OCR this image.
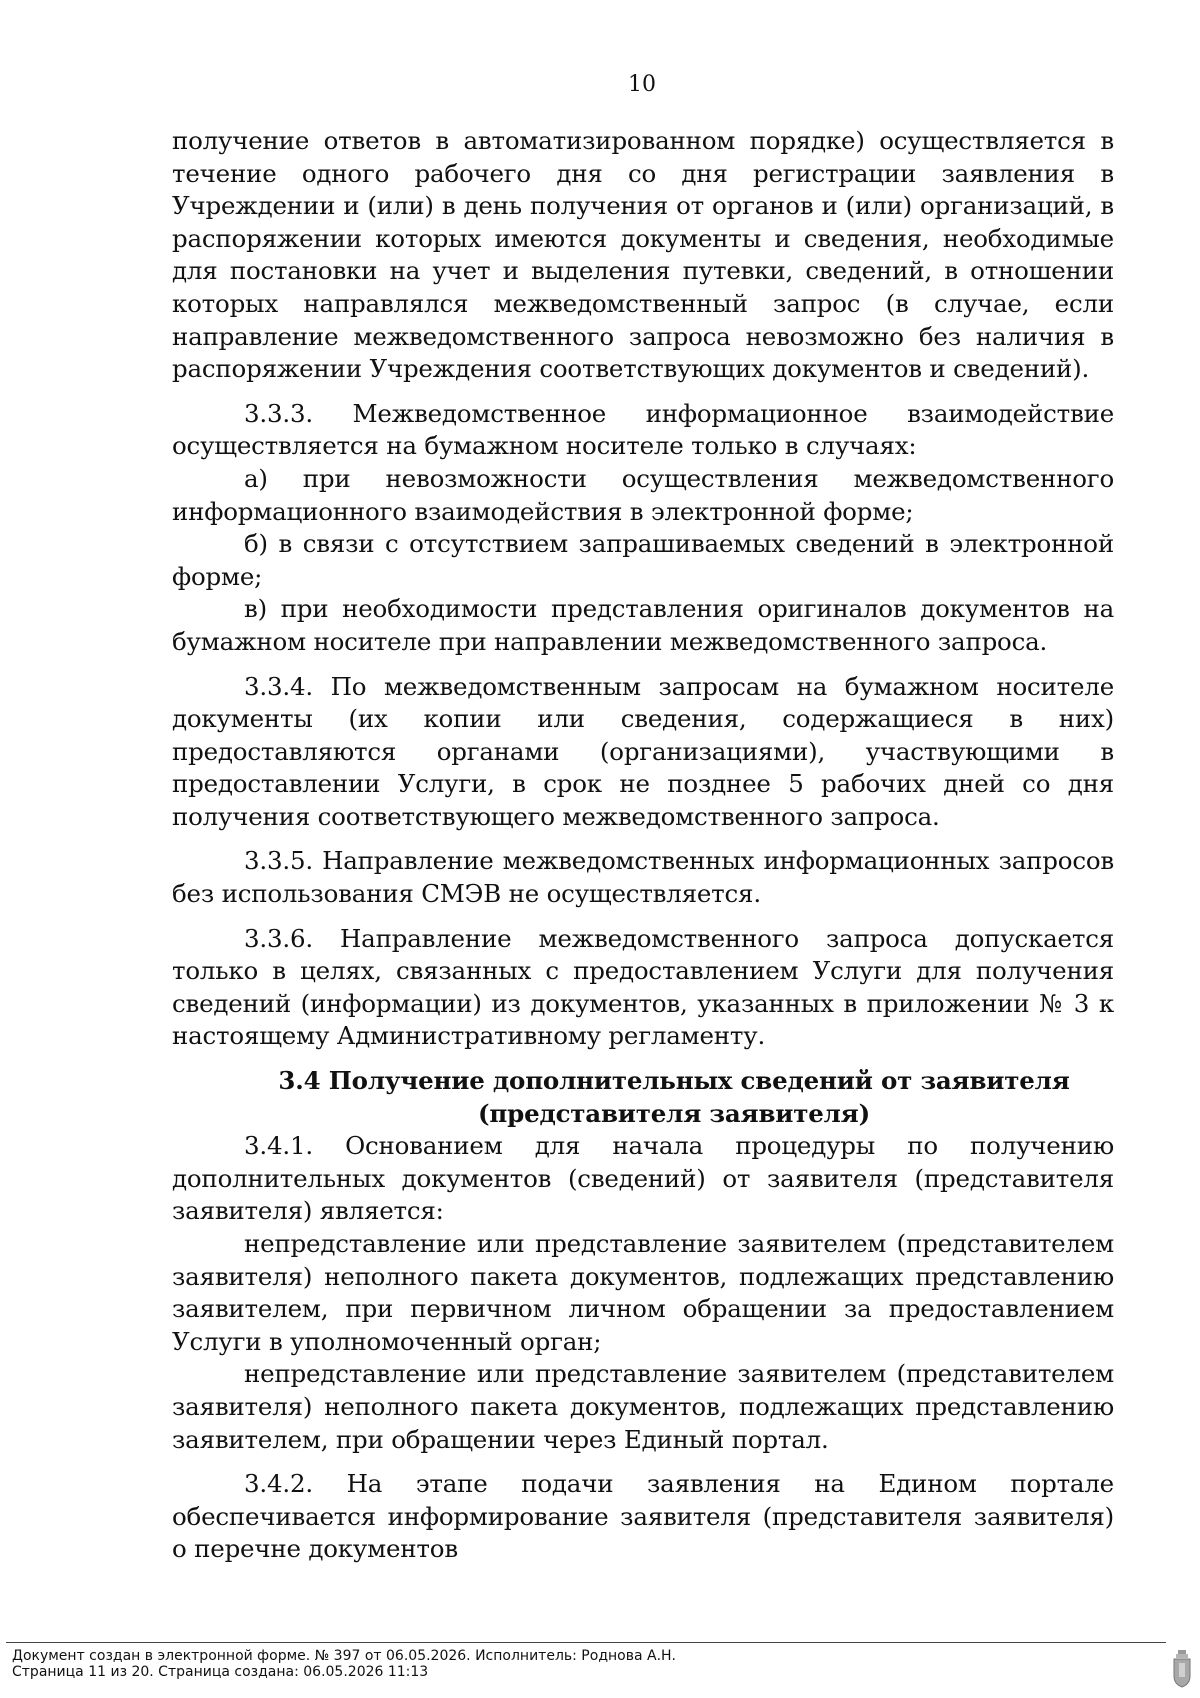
10

получение ответов в автоматизированном порядке) осуществляется в течение одного рабочего дня со дня регистрации заявления в Учреждении и (или) в день получения от органов и (или) организаций, в распоряжении которых имеются документы и сведения, необходимые для постановки на учет и выделения путевки, сведений, в отношении которых направлялся межведомственный запрос (в случае, если направление межведомственного запроса невозможно без наличия в распоряжении Учреждения соответствующих документов и сведений).

3.3.3. Межведомственное информационное взаимодействие осуществляется на бумажном носителе только в случаях:

а) при невозможности осуществления межведомственного информационного взаимодействия в электронной форме;

б) в связи с отсутствием запрашиваемых сведений в электронной форме;

в) при необходимости представления оригиналов документов на бумажном носителе при направлении межведомственного запроса.

3.3.4. По межведомственным запросам на бумажном носителе документы (их копии или сведения, содержащиеся в них) предоставляются органами (организациями), участвующими в предоставлении Услуги, в срок не позднее 5 рабочих дней со дня получения соответствующего межведомственного запроса.

3.3.5. Направление межведомственных информационных запросов без использования СМЭВ не осуществляется.

3.3.6. Направление межведомственного запроса допускается только в целях, связанных с предоставлением Услуги для получения сведений (информации) из документов, указанных в приложении № 3 к настоящему Административному регламенту.

3.4 Получение дополнительных сведений от заявителя (представителя заявителя)

3.4.1. Основанием для начала процедуры по получению дополнительных документов (сведений) от заявителя (представителя заявителя) является:

непредставление или представление заявителем (представителем заявителя) неполного пакета документов, подлежащих представлению заявителем, при первичном личном обращении за предоставлением Услуги в уполномоченный орган;

непредставление или представление заявителем (представителем заявителя) неполного пакета документов, подлежащих представлению заявителем, при обращении через Единый портал.

3.4.2. На этапе подачи заявления на Едином портале обеспечивается информирование заявителя (представителя заявителя) о перечне документов

Документ создан в электронной форме. № 397 от 06.05.2026. Исполнитель: Роднова А.Н.
Страница 11 из 20. Страница создана: 06.05.2026 11:13
